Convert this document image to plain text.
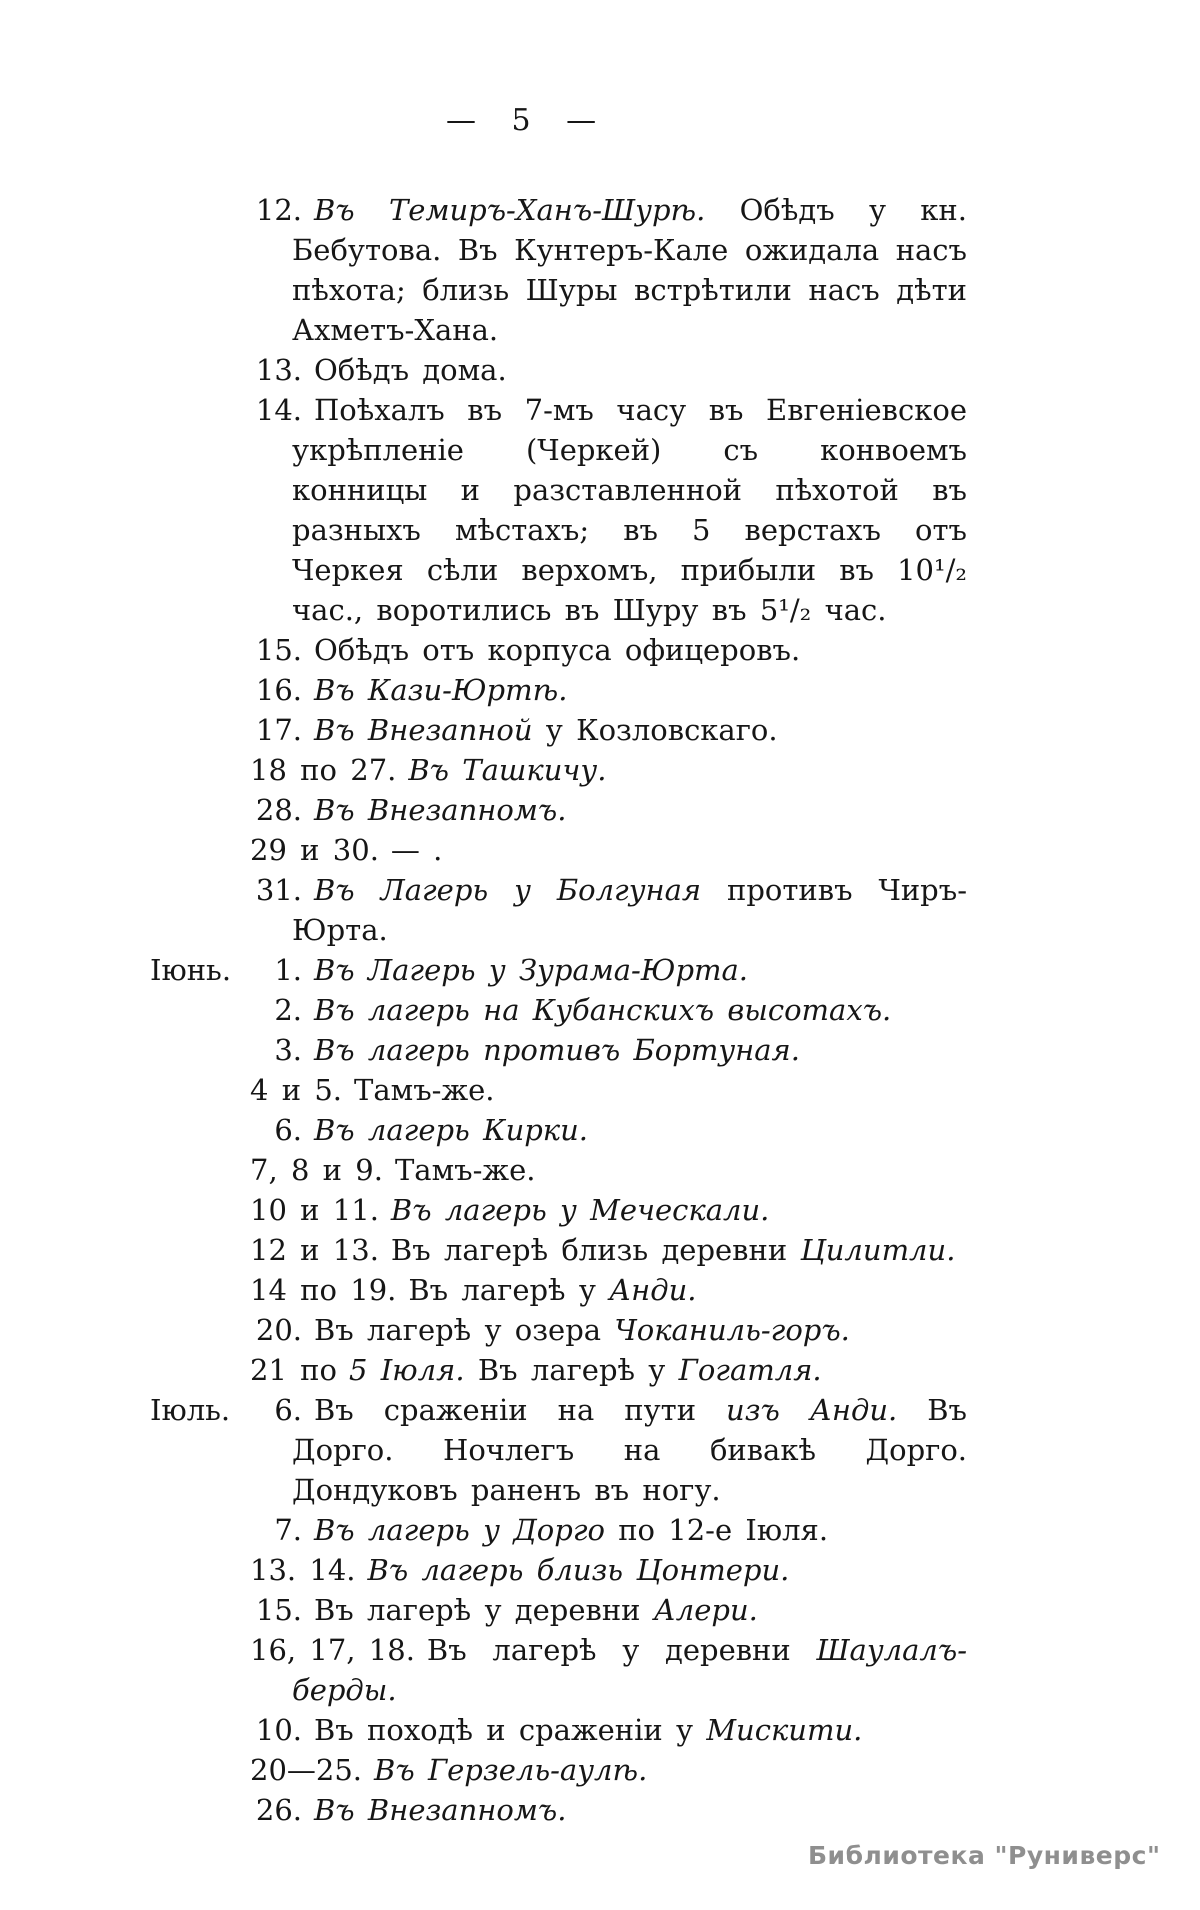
— 5 —
12. Въ Темиръ-Ханъ-Шурѣ. Обѣдъ у кн. Бебутова. Въ Кунтеръ-Кале ожидала насъ пѣхота; близь Шуры встрѣтили насъ дѣти Ахметъ-Хана.
13. Обѣдъ дома.
14. Поѣхалъ въ 7-мъ часу въ Евгеніевское укрѣпленіе (Черкей) съ конвоемъ конницы и разставленной пѣхотой въ разныхъ мѣстахъ; въ 5 верстахъ отъ Черкея сѣли верхомъ, прибыли въ 10¹/₂ час., воротились въ Шуру въ 5¹/₂ час.
15. Обѣдъ отъ корпуса офицеровъ.
16. Въ Кази-Юртѣ.
17. Въ Внезапной у Козловскаго.
18 по 27. Въ Ташкичу.
28. Въ Внезапномъ.
29 и 30. — .
31. Въ Лагерь у Болгуная противъ Чиръ-Юрта.
Іюнь. 1. Въ Лагерь у Зурама-Юрта.
2. Въ лагерь на Кубанскихъ высотахъ.
3. Въ лагерь противъ Бортуная.
4 и 5. Тамъ-же.
6. Въ лагерь Кирки.
7, 8 и 9. Тамъ-же.
10 и 11. Въ лагерь у Меческали.
12 и 13. Въ лагерѣ близь деревни Цилитли.
14 по 19. Въ лагерѣ у Анди.
20. Въ лагерѣ у озера Чоканиль-горъ.
21 по 5 Іюля. Въ лагерѣ у Гогатля.
Іюль. 6. Въ сраженіи на пути изъ Анди. Въ Дорго. Ночлегъ на бивакѣ Дорго. Дондуковъ раненъ въ ногу.
7. Въ лагерь у Дорго по 12-е Іюля.
13. 14. Въ лагерь близь Цонтери.
15. Въ лагерѣ у деревни Алери.
16, 17, 18. Въ лагерѣ у деревни Шаулалъ-берды.
10. Въ походѣ и сраженіи у Мискити.
20—25. Въ Герзель-аулѣ.
26. Въ Внезапномъ.
Библиотека "Руниверс"
